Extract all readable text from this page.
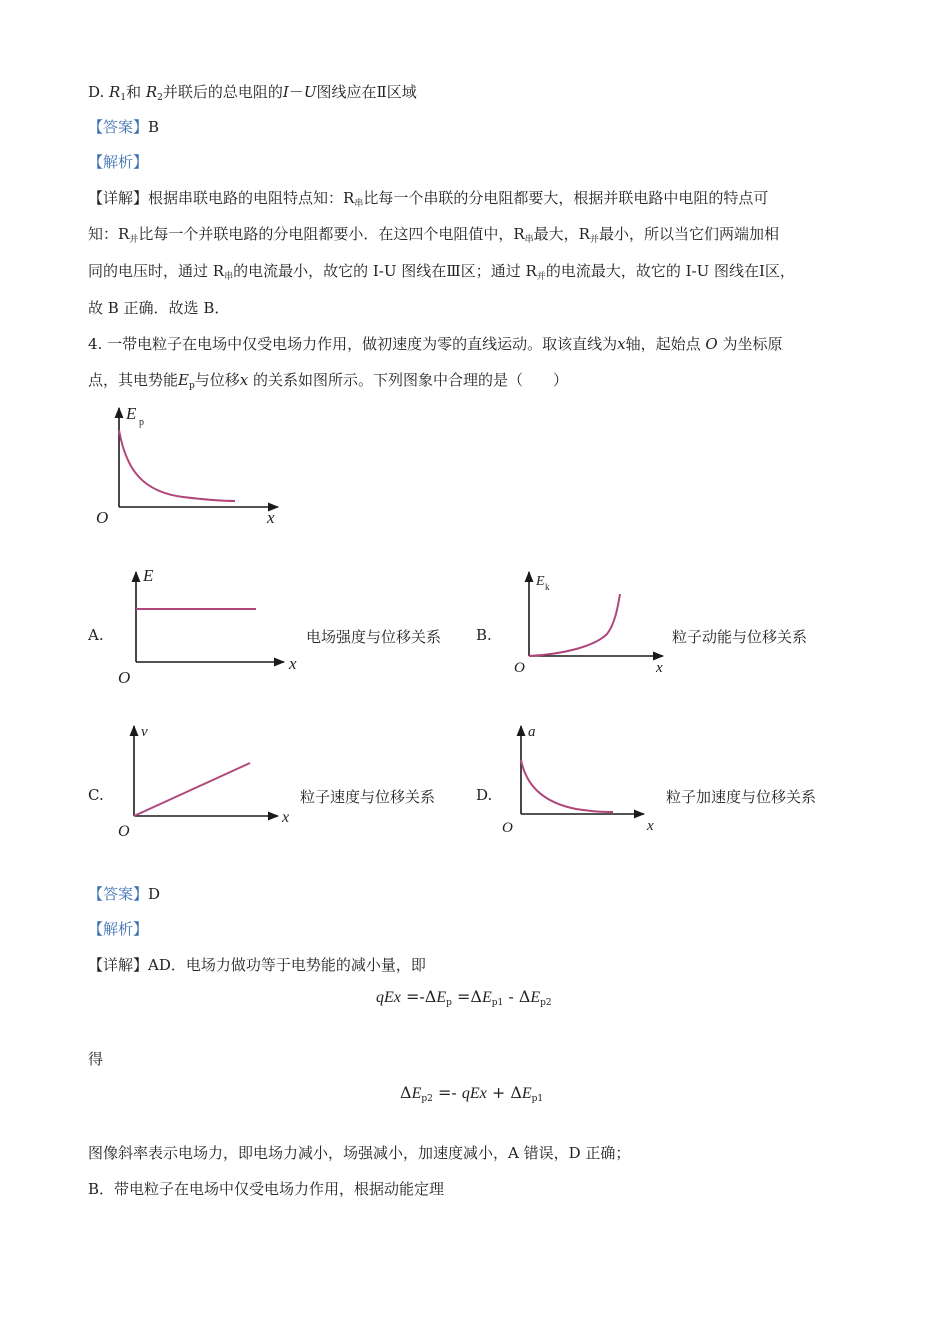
D. $R_1$和 $R_2$并联后的总电阻的I－U图线应在Ⅱ区域
【答案】B
【解析】
【详解】根据串联电路的电阻特点知：$R_串$比每一个串联的分电阻都要大，根据并联电路中电阻的特点可
知：$R_并$比每一个并联电路的分电阻都要小．在这四个电阻值中，$R_串$最大，$R_并$最小，所以当它们两端加相
同的电压时，通过 $R_串$的电流最小，故它的 I-U 图线在Ⅲ区；通过 $R_并$的电流最大，故它的 I-U 图线在Ⅰ区，
故 B 正确．故选 B．
4. 一带电粒子在电场中仅受电场力作用，做初速度为零的直线运动。取该直线为x轴，起始点 O 为坐标原
点，其电势能$E_p$与位移x 的关系如图所示。下列图象中合理的是（　　）
E p
O	x
A.
E
O
x
电场强度与位移关系 B.
E k
O	x
粒子动能与位移关系
C.
v
O
x
粒子速度与位移关系	D.
a
O	x
粒子加速度与位移关系
【答案】D
【解析】
【详解】AD．电场力做功等于电势能的减小量，即
qEx $=-\Delta E_p =\Delta E_{p1} - \Delta E_{p2}$
得
$\Delta E_{p2}$ =- qEx + $\Delta E_{p1}$
图像斜率表示电场力，即电场力减小，场强减小，加速度减小，A 错误，D 正确；
B．带电粒子在电场中仅受电场力作用，根据动能定理
